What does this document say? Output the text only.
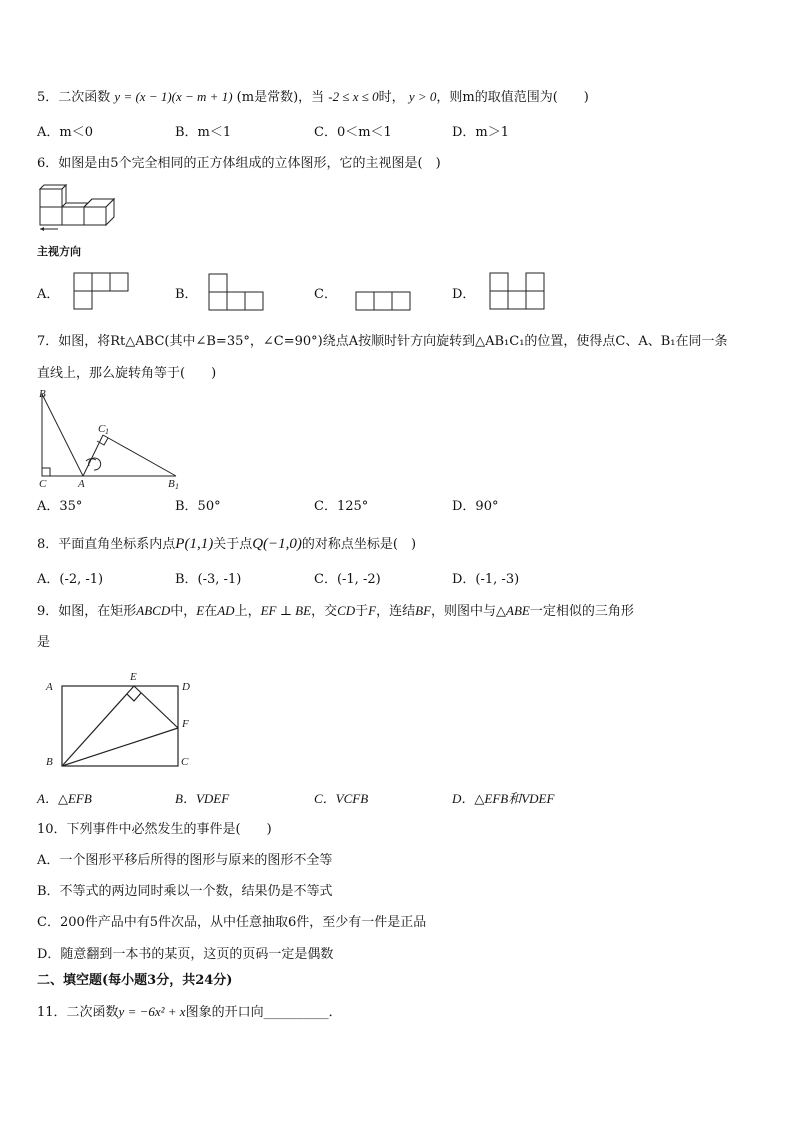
5．二次函数 y = (x − 1)(x − m + 1) (m是常数)，当 -2 ≤ x ≤ 0时， y > 0，则m的取值范围为(　　)
A．m＜0	B．m＜1	C．0＜m＜1	D．m＞1
6．如图是由5个完全相同的正方体组成的立体图形，它的主视图是(　)
主视方向
A．	B．	C．	D．
7．如图，将Rt△ABC(其中∠B=35°，∠C=90°)绕点A按顺时针方向旋转到△AB₁C₁的位置，使得点C、A、B₁在同一条
直线上，那么旋转角等于(　　)
B
C	A	B 1
C 1
A．35°	B．50°	C．125°	D．90°
8．平面直角坐标系内点P(1,1)关于点Q(−1,0)的对称点坐标是(　)
A．(-2, -1)	B．(-3, -1)	C．(-1, -2)	D．(-1, -3)
9．如图，在矩形ABCD中，E在AD上，EF ⊥ BE，交CD于F，连结BF，则图中与△ABE一定相似的三角形
是
A
B	C
D
E
F
A．△EFB	B．VDEF	C．VCFB	D．△EFB和VDEF
10．下列事件中必然发生的事件是(　　)
A．一个图形平移后所得的图形与原来的图形不全等
B．不等式的两边同时乘以一个数，结果仍是不等式
C．200件产品中有5件次品，从中任意抽取6件，至少有一件是正品
D．随意翻到一本书的某页，这页的页码一定是偶数
二、填空题(每小题3分，共24分)
11．二次函数y = −6x² + x图象的开口向__________．
